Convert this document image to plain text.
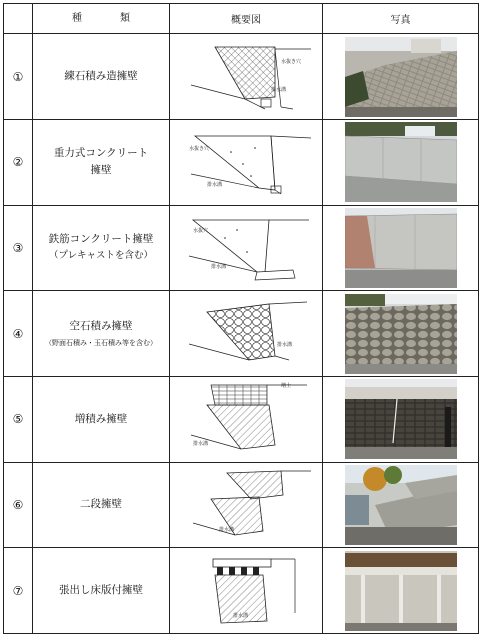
	種　類	概要図	写真
①	練石積み造擁壁	水抜き穴
排水溝

②	重力式コンクリート
擁壁	水抜き穴
排水溝

③	鉄筋コンクリート擁壁
（プレキャストを含む）	水抜穴
排水溝

④	空石積み擁壁
（野面石積み・玉石積み等を含む）	排水溝

⑤	増積み擁壁	増土
排水溝

⑥	二段擁壁	排水溝

⑦	張出し床版付擁壁	排水溝
